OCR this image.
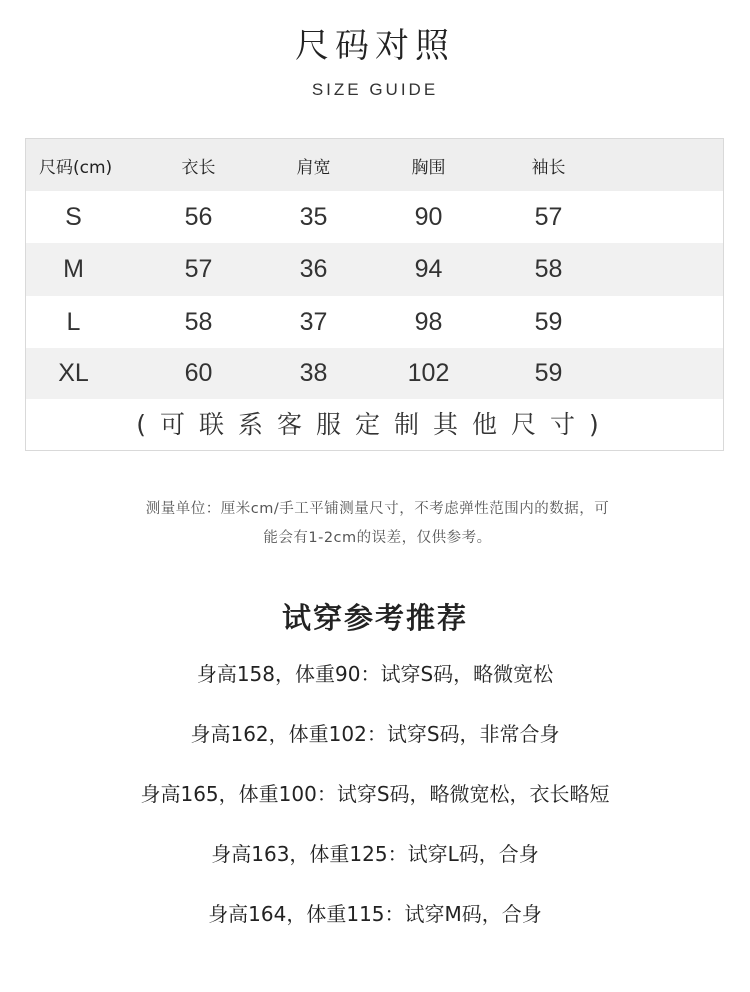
尺码对照
SIZE GUIDE
尺码(cm)	衣长	肩宽	胸围	袖长
S	56	35	90	57
M	57	36	94	58
L	58	37	98	59
XL	60	38	102	59
(可联系客服定制其他尺寸)
测量单位：厘米cm/手工平铺测量尺寸，不考虑弹性范围内的数据，可
能会有1-2cm的误差，仅供参考。
试穿参考推荐
身高158，体重90：试穿S码，略微宽松
身高162，体重102：试穿S码，非常合身
身高165，体重100：试穿S码，略微宽松，衣长略短
身高163，体重125：试穿L码，合身
身高164，体重115：试穿M码，合身
